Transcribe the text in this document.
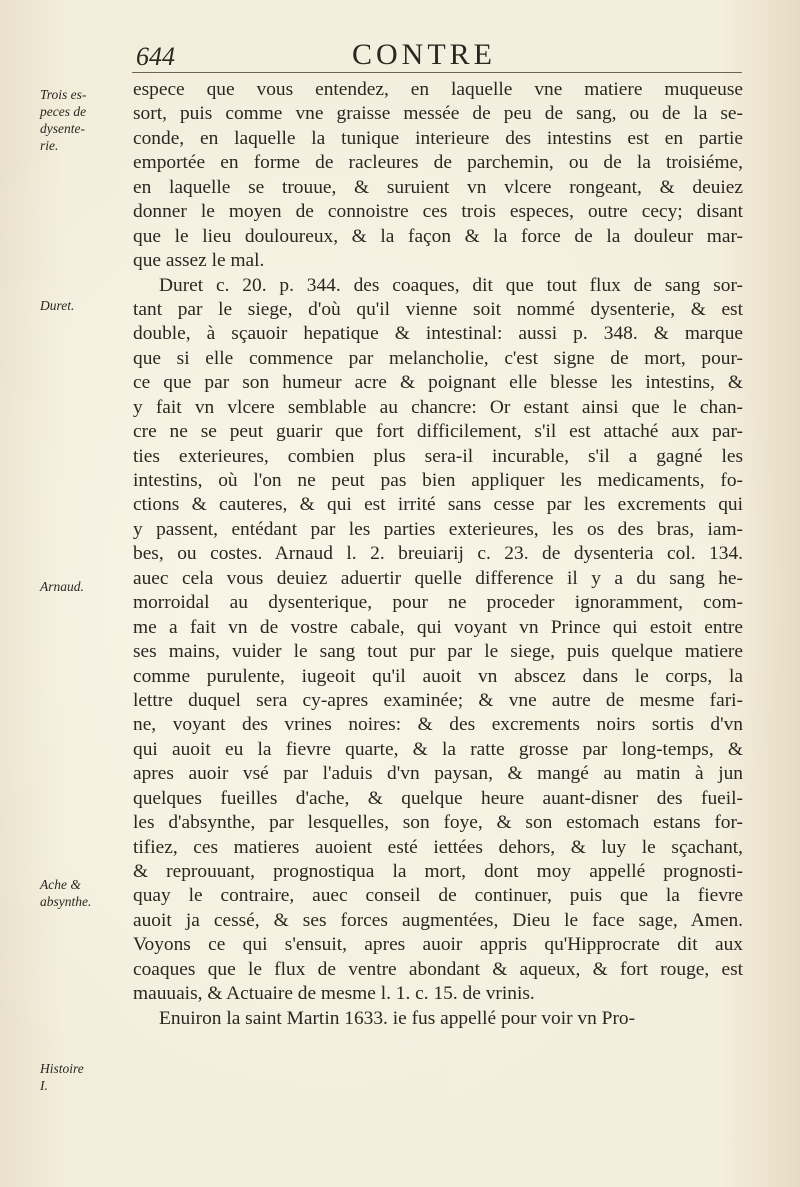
644	CONTRE
Trois es-
peces de
dysente-
rie.
Duret.
Arnaud.
Ache &
absynthe.
Histoire
I.
espece que vous entendez, en laquelle vne matiere muqueuse
sort, puis comme vne graisse messée de peu de sang, ou de la se-
conde, en laquelle la tunique interieure des intestins est en partie
emportée en forme de racleures de parchemin, ou de la troisiéme,
en laquelle se trouue, & suruient vn vlcere rongeant, & deuiez
donner le moyen de connoistre ces trois especes, outre cecy; disant
que le lieu douloureux, & la façon & la force de la douleur mar-
que assez le mal.
Duret c. 20. p. 344. des coaques, dit que tout flux de sang sor-
tant par le siege, d'où qu'il vienne soit nommé dysenterie, & est
double, à sçauoir hepatique & intestinal: aussi p. 348. & marque
que si elle commence par melancholie, c'est signe de mort, pour-
ce que par son humeur acre & poignant elle blesse les intestins, &
y fait vn vlcere semblable au chancre: Or estant ainsi que le chan-
cre ne se peut guarir que fort difficilement, s'il est attaché aux par-
ties exterieures, combien plus sera-il incurable, s'il a gagné les
intestins, où l'on ne peut pas bien appliquer les medicaments, fo-
ctions & cauteres, & qui est irrité sans cesse par les excrements qui
y passent, entédant par les parties exterieures, les os des bras, iam-
bes, ou costes. Arnaud l. 2. breuiarij c. 23. de dysenteria col. 134.
auec cela vous deuiez aduertir quelle difference il y a du sang he-
morroidal au dysenterique, pour ne proceder ignoramment, com-
me a fait vn de vostre cabale, qui voyant vn Prince qui estoit entre
ses mains, vuider le sang tout pur par le siege, puis quelque matiere
comme purulente, iugeoit qu'il auoit vn abscez dans le corps, la
lettre duquel sera cy-apres examinée; & vne autre de mesme fari-
ne, voyant des vrines noires: & des excrements noirs sortis d'vn
qui auoit eu la fievre quarte, & la ratte grosse par long-temps, &
apres auoir vsé par l'aduis d'vn paysan, & mangé au matin à jun
quelques fueilles d'ache, & quelque heure auant-disner des fueil-
les d'absynthe, par lesquelles, son foye, & son estomach estans for-
tifiez, ces matieres auoient esté iettées dehors, & luy le sçachant,
& reprouuant, prognostiqua la mort, dont moy appellé prognosti-
quay le contraire, auec conseil de continuer, puis que la fievre
auoit ja cessé, & ses forces augmentées, Dieu le face sage, Amen.
Voyons ce qui s'ensuit, apres auoir appris qu'Hipprocrate dit aux
coaques que le flux de ventre abondant & aqueux, & fort rouge, est
mauuais, & Actuaire de mesme l. 1. c. 15. de vrinis.
Enuiron la saint Martin 1633. ie fus appellé pour voir vn Pro-
